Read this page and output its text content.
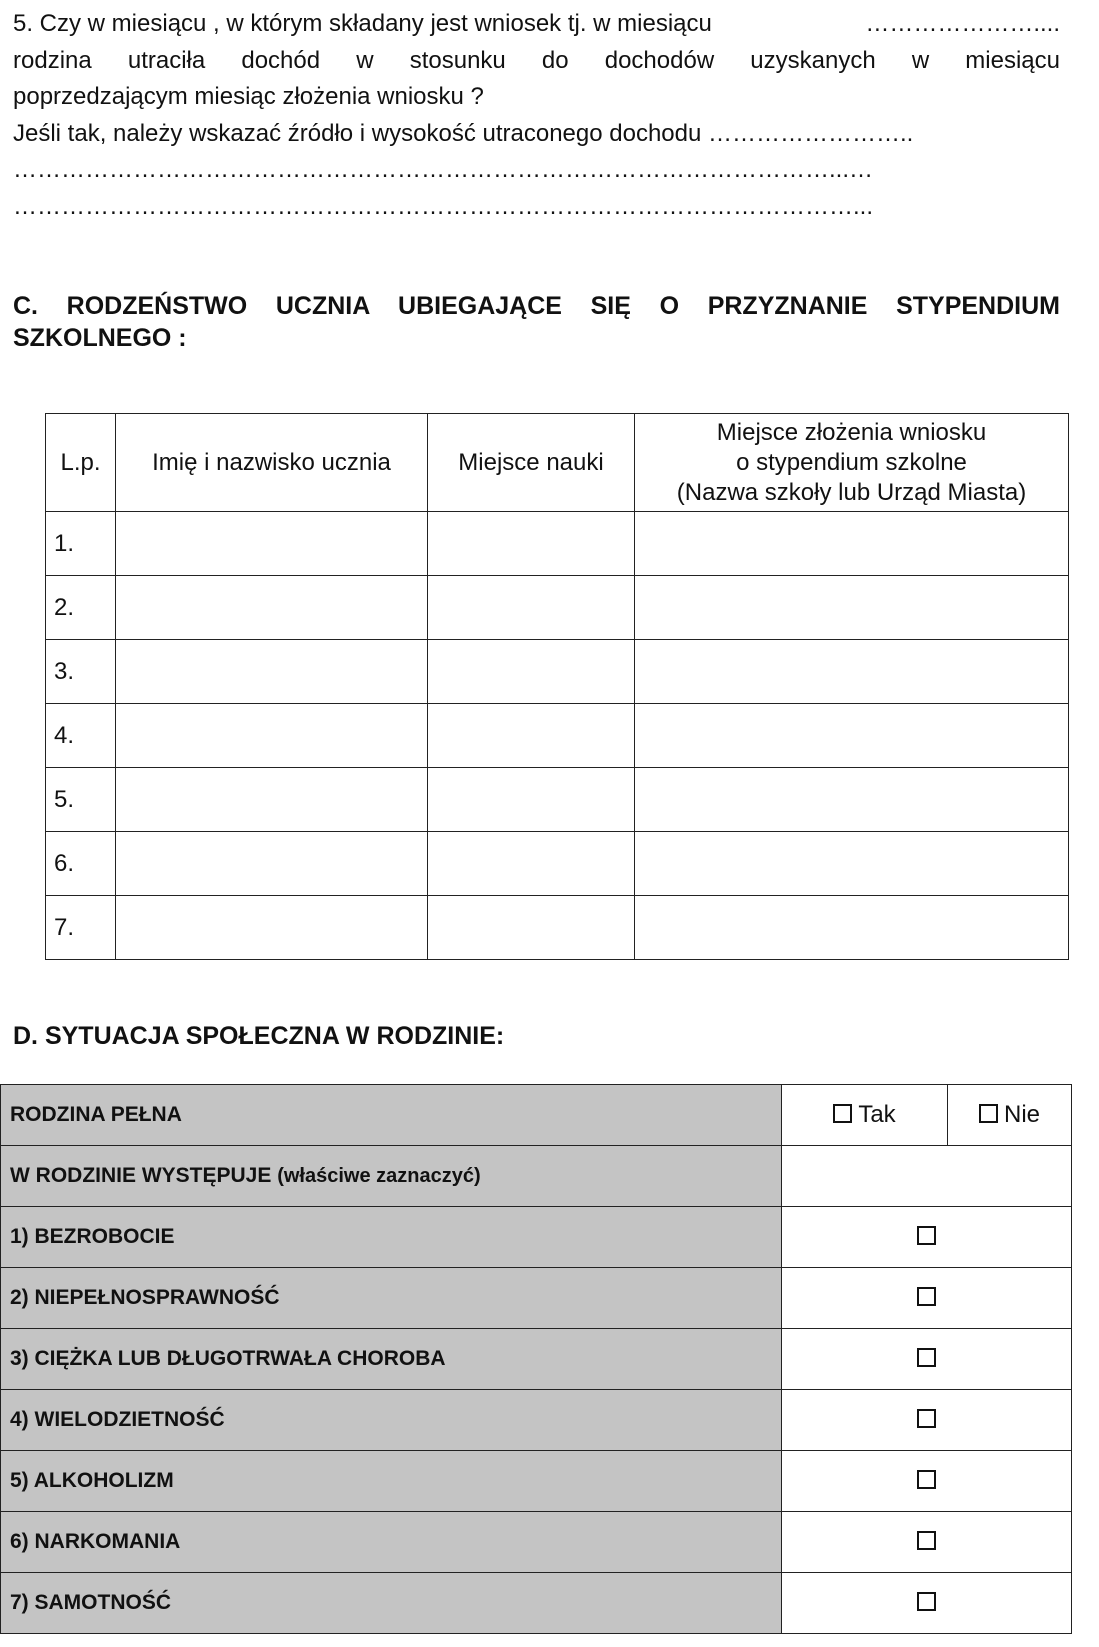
5. Czy w miesiącu , w którym składany jest wniosek tj. w miesiącu	…………………....
rodzina utraciła dochód w stosunku do dochodów uzyskanych w miesiącu
poprzedzającym miesiąc złożenia wniosku ?
Jeśli tak, należy wskazać źródło i wysokość utraconego dochodu ……………………..
…………………………………………………………………………………………...…
……………………………………………………………………………………………...
C. RODZEŃSTWO UCZNIA UBIEGAJĄCE SIĘ O PRZYZNANIE STYPENDIUM
SZKOLNEGO :
L.p.	Imię i nazwisko ucznia	Miejsce nauki	Miejsce złożenia wniosku
o stypendium szkolne
(Nazwa szkoły lub Urząd Miasta)

1.			
2.			
3.			
4.			
5.			
6.			
7.			
D. SYTUACJA SPOŁECZNA W RODZINIE:
RODZINA PEŁNA	Tak	Nie
W RODZINIE WYSTĘPUJE (właściwe zaznaczyć)		
1) BEZROBOCIE		
2) NIEPEŁNOSPRAWNOŚĆ		
3) CIĘŻKA LUB DŁUGOTRWAŁA CHOROBA		
4) WIELODZIETNOŚĆ		
5) ALKOHOLIZM		
6) NARKOMANIA		
7) SAMOTNOŚĆ		
